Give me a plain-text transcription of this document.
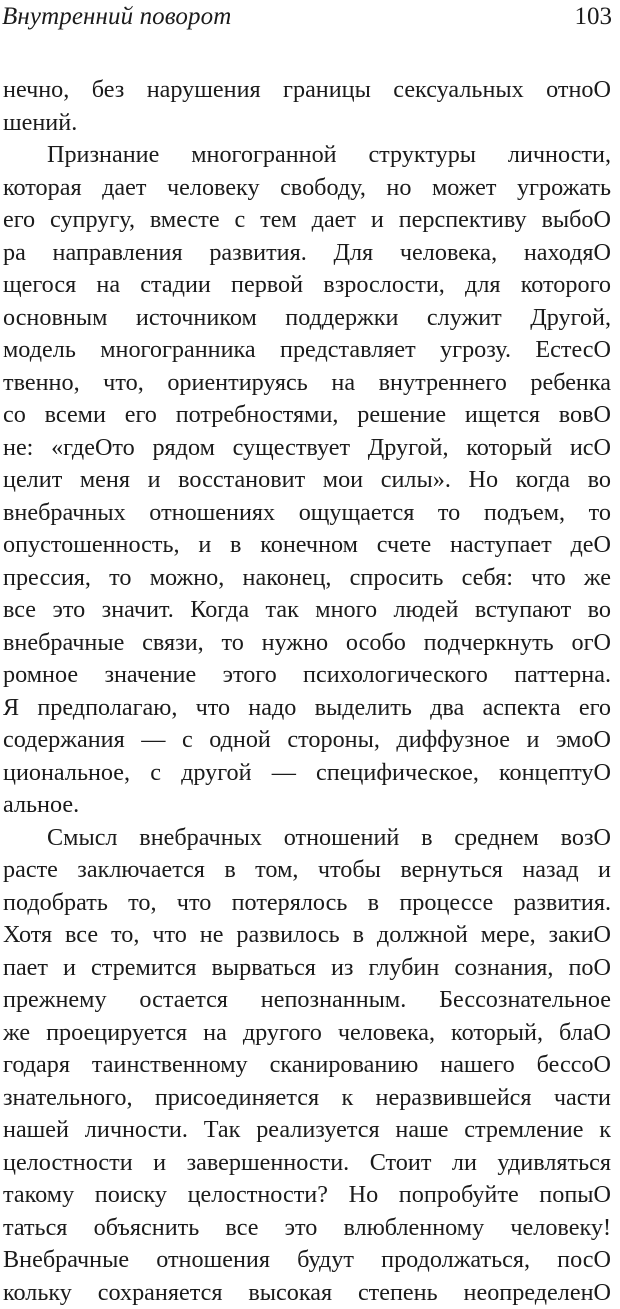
Внутренний поворот	103
нечно, без нарушения границы сексуальных отноO
шений.
Признание многогранной структуры личности,
которая дает человеку свободу, но может угрожать
его супругу, вместе с тем дает и перспективу выбоO
ра направления развития. Для человека, находяO
щегося на стадии первой взрослости, для которого
основным источником поддержки служит Другой,
модель многогранника представляет угрозу. ЕстесO
твенно, что, ориентируясь на внутреннего ребенка
со всеми его потребностями, решение ищется вовO
не: «гдеOто рядом существует Другой, который исO
целит меня и восстановит мои силы». Но когда во
внебрачных отношениях ощущается то подъем, то
опустошенность, и в конечном счете наступает деO
прессия, то можно, наконец, спросить себя: что же
все это значит. Когда так много людей вступают во
внебрачные связи, то нужно особо подчеркнуть огO
ромное значение этого психологического паттерна.
Я предполагаю, что надо выделить два аспекта его
содержания — с одной стороны, диффузное и эмоO
циональное, с другой — специфическое, концептуO
альное.
Смысл внебрачных отношений в среднем возO
расте заключается в том, чтобы вернуться назад и
подобрать то, что потерялось в процессе развития.
Хотя все то, что не развилось в должной мере, закиO
пает и стремится вырваться из глубин сознания, поO
прежнему остается непознанным. Бессознательное
же проецируется на другого человека, который, блаO
годаря таинственному сканированию нашего бессоO
знательного, присоединяется к неразвившейся части
нашей личности. Так реализуется наше стремление к
целостности и завершенности. Стоит ли удивляться
такому поиску целостности? Но попробуйте попыO
таться объяснить все это влюбленному человеку!
Внебрачные отношения будут продолжаться, посO
кольку сохраняется высокая степень неопределенO
